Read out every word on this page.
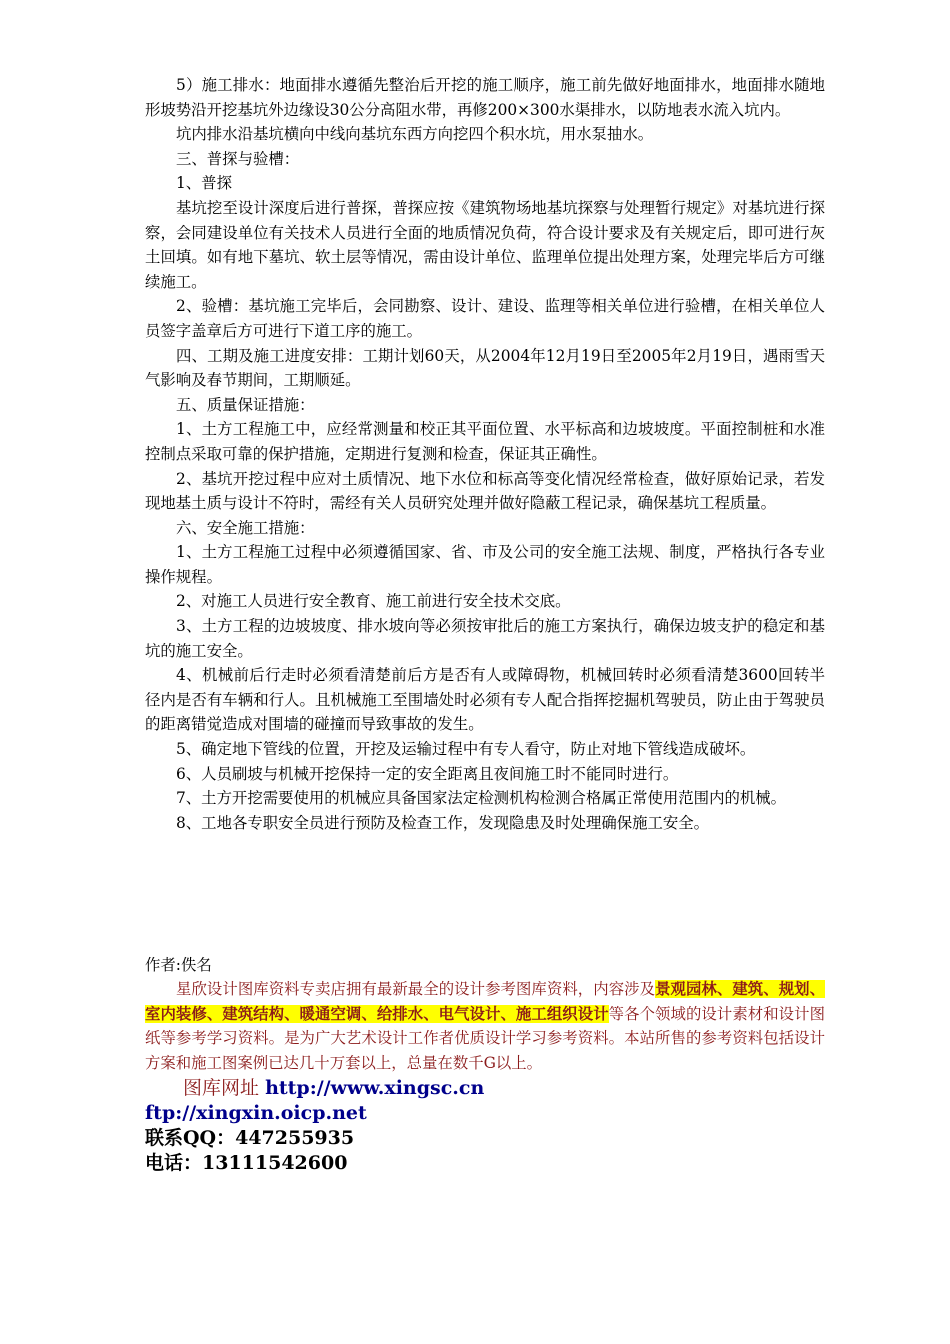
5）施工排水：地面排水遵循先整治后开挖的施工顺序，施工前先做好地面排水，地面排水随地形坡势沿开挖基坑外边缘设30公分高阻水带，再修200×300水渠排水，以防地表水流入坑内。

坑内排水沿基坑横向中线向基坑东西方向挖四个积水坑，用水泵抽水。

三、普探与验槽：

1、普探

基坑挖至设计深度后进行普探，普探应按《建筑物场地基坑探察与处理暂行规定》对基坑进行探察，会同建设单位有关技术人员进行全面的地质情况负荷，符合设计要求及有关规定后，即可进行灰土回填。如有地下墓坑、软土层等情况，需由设计单位、监理单位提出处理方案，处理完毕后方可继续施工。

2、验槽：基坑施工完毕后，会同勘察、设计、建设、监理等相关单位进行验槽，在相关单位人员签字盖章后方可进行下道工序的施工。

四、工期及施工进度安排：工期计划60天，从2004年12月19日至2005年2月19日，遇雨雪天气影响及春节期间，工期顺延。

五、质量保证措施：

1、土方工程施工中，应经常测量和校正其平面位置、水平标高和边坡坡度。平面控制桩和水准控制点采取可靠的保护措施，定期进行复测和检查，保证其正确性。

2、基坑开挖过程中应对土质情况、地下水位和标高等变化情况经常检查，做好原始记录，若发现地基土质与设计不符时，需经有关人员研究处理并做好隐蔽工程记录，确保基坑工程质量。

六、安全施工措施：

1、土方工程施工过程中必须遵循国家、省、市及公司的安全施工法规、制度，严格执行各专业操作规程。

2、对施工人员进行安全教育、施工前进行安全技术交底。

3、土方工程的边坡坡度、排水坡向等必须按审批后的施工方案执行，确保边坡支护的稳定和基坑的施工安全。

4、机械前后行走时必须看清楚前后方是否有人或障碍物，机械回转时必须看清楚3600回转半径内是否有车辆和行人。且机械施工至围墙处时必须有专人配合指挥挖掘机驾驶员，防止由于驾驶员的距离错觉造成对围墙的碰撞而导致事故的发生。

5、确定地下管线的位置，开挖及运输过程中有专人看守，防止对地下管线造成破坏。

6、人员刷坡与机械开挖保持一定的安全距离且夜间施工时不能同时进行。

7、土方开挖需要使用的机械应具备国家法定检测机构检测合格属正常使用范围内的机械。

8、工地各专职安全员进行预防及检查工作，发现隐患及时处理确保施工安全。

作者:佚名

星欣设计图库资料专卖店拥有最新最全的设计参考图库资料，内容涉及景观园林、建筑、规划、室内装修、建筑结构、暖通空调、给排水、电气设计、施工组织设计等各个领域的设计素材和设计图纸等参考学习资料。是为广大艺术设计工作者优质设计学习参考资料。本站所售的参考资料包括设计方案和施工图案例已达几十万套以上，总量在数千G以上。

图库网址 http://www.xingsc.cn
ftp://xingxin.oicp.net
联系QQ：447255935
电话：13111542600
